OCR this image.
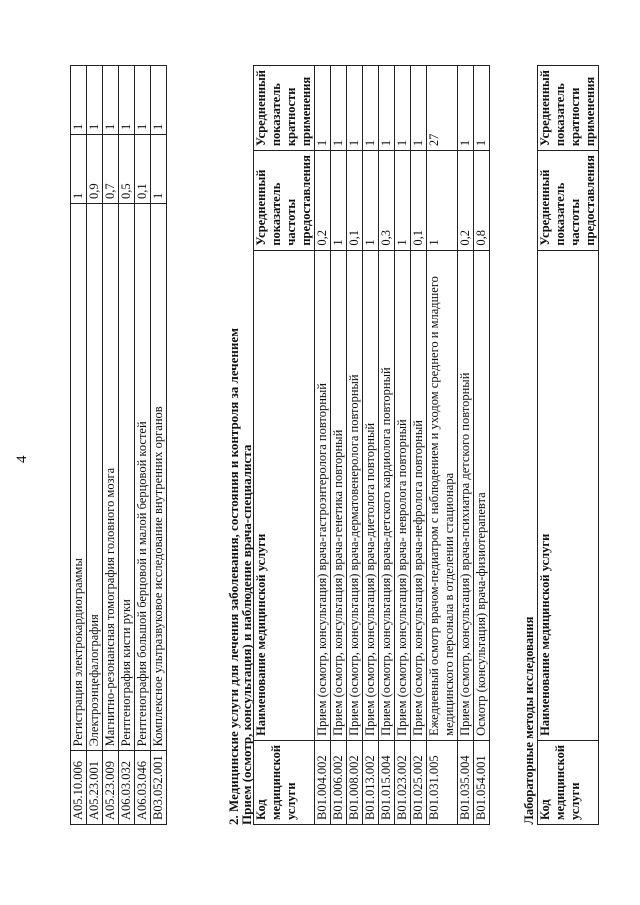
4
A05.10.006	Регистрация электрокардиограммы	1	1
A05.23.001	Электроэнцефалография	0,9	1
A05.23.009	Магнитно-резонансная томография головного мозга	0,7	1
A06.03.032	Рентгенография кисти руки	0,5	1
A06.03.046	Рентгенография большой берцовой и малой берцовой костей	0,1	1
B03.052.001	Комплексное ультразвуковое исследование внутренних органов	1	1
2. Медицинские услуги для лечения заболевания, состояния и контроля за лечением
Прием (осмотр, консультация) и наблюдение врача-специалиста Код медицинской услуги	Наименование медицинской услуги	Усредненный показатель частоты предоставления	Усредненный показатель кратности применения
B01.004.002	Прием (осмотр, консультация) врача-гастроэнтеролога повторный	0,2	1
B01.006.002	Прием (осмотр, консультация) врача-генетика повторный	1	1
B01.008.002	Прием (осмотр, консультация) врача-дерматовенеролога повторный	0,1	1
B01.013.002	Прием (осмотр, консультация) врача-диетолога повторный	1	1
B01.015.004	Прием (осмотр, консультация) врача-детского кардиолога повторный	0,3	1
B01.023.002	Прием (осмотр, консультация) врача- невролога повторный	1	1
B01.025.002	Прием (осмотр, консультация) врача-нефролога повторный	0,1	1
B01.031.005	Ежедневный осмотр врачом-педиатром с наблюдением и уходом среднего и младшего медицинского персонала в отделении стационара	1	27
B01.035.004	Прием (осмотр, консультация) врача-психиатра детского повторный	0,2	1
B01.054.001	Осмотр (консультация) врача-физиотерапевта	0,8	1
Лабораторные методы исследования
Код медицинской услуги	Наименование медицинской услуги	Усредненный показатель частоты предоставления	Усредненный показатель кратности применения
